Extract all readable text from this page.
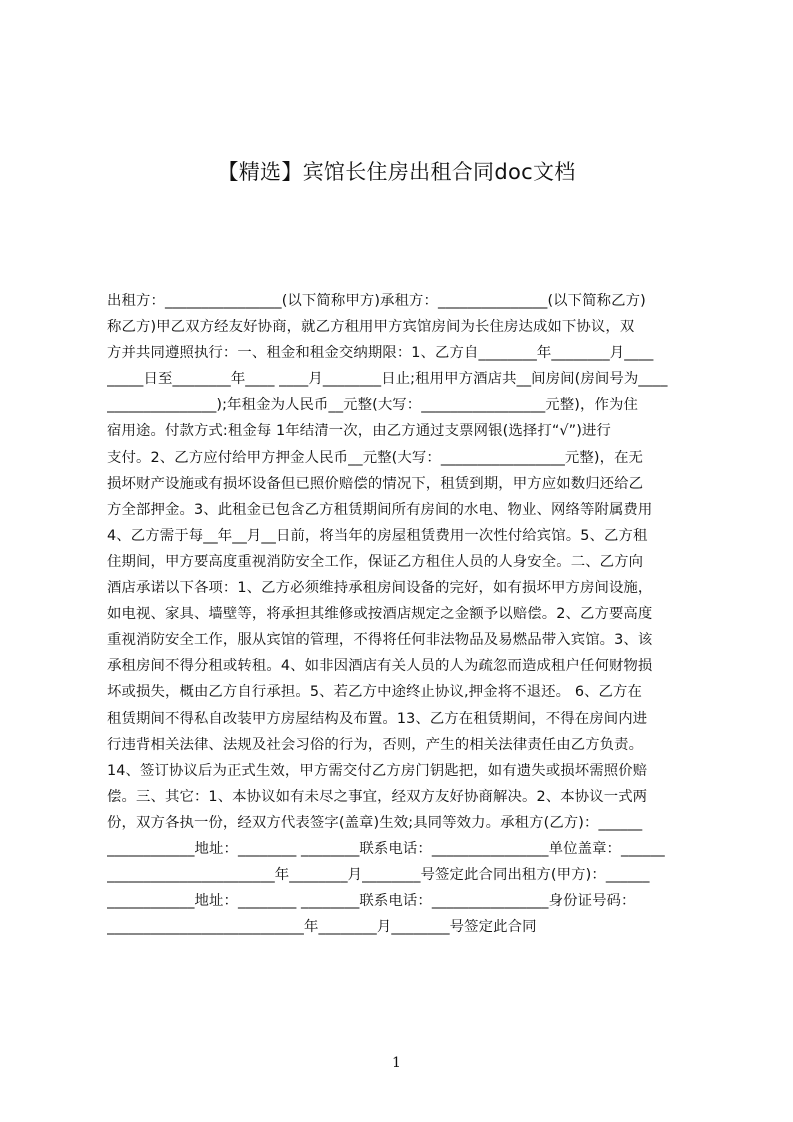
【精选】宾馆长住房出租合同doc文档
出租方：________________(以下简称甲方)承租方：_______________(以下简称乙方)
称乙方)甲乙双方经友好协商，就乙方租用甲方宾馆房间为长住房达成如下协议，双
方并共同遵照执行：一、租金和租金交纳期限：1、乙方自________年________月____
_____日至________年____ ____月________日止;租用甲方酒店共__间房间(房间号为____
_______________);年租金为人民币__元整(大写：_________________元整)，作为住
宿用途。付款方式:租金每 1年结清一次，由乙方通过支票网银(选择打“√”)进行
支付。2、乙方应付给甲方押金人民币__元整(大写：_________________元整)，在无
损坏财产设施或有损坏设备但已照价赔偿的情况下，租赁到期，甲方应如数归还给乙
方全部押金。3、此租金已包含乙方租赁期间所有房间的水电、物业、网络等附属费用
4、乙方需于每__年__月__日前，将当年的房屋租赁费用一次性付给宾馆。5、乙方租
住期间，甲方要高度重视消防安全工作，保证乙方租住人员的人身安全。二、乙方向
酒店承诺以下各项：1、乙方必须维持承租房间设备的完好，如有损坏甲方房间设施，
如电视、家具、墙壁等，将承担其维修或按酒店规定之金额予以赔偿。2、乙方要高度
重视消防安全工作，服从宾馆的管理，不得将任何非法物品及易燃品带入宾馆。3、该
承租房间不得分租或转租。4、如非因酒店有关人员的人为疏忽而造成租户任何财物损
坏或损失，概由乙方自行承担。5、若乙方中途终止协议,押金将不退还。 6、乙方在
租赁期间不得私自改装甲方房屋结构及布置。13、乙方在租赁期间，不得在房间内进
行违背相关法律、法规及社会习俗的行为，否则，产生的相关法律责任由乙方负责。
14、签订协议后为正式生效，甲方需交付乙方房门钥匙把，如有遗失或损坏需照价赔
偿。三、其它：1、本协议如有未尽之事宜，经双方友好协商解决。2、本协议一式两
份，双方各执一份，经双方代表签字(盖章)生效;具同等效力。承租方(乙方)：______
____________地址：________ ________联系电话：________________单位盖章：______
_______________________年________月________号签定此合同出租方(甲方)：______
____________地址：________ ________联系电话：________________身份证号码：
___________________________年________月________号签定此合同
1
